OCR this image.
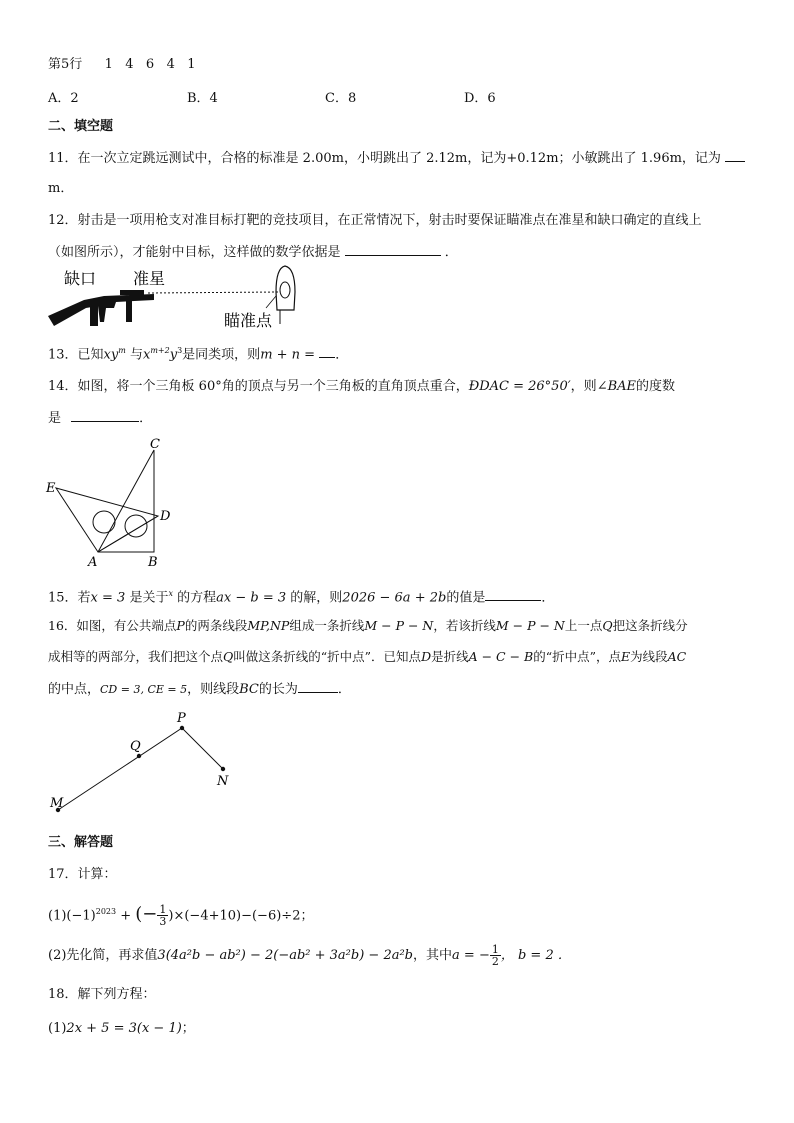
第5行 1   4   6   4   1
A．2	B．4	C．8	D．6
二、填空题
11．在一次立定跳远测试中，合格的标准是 2.00m，小明跳出了 2.12m，记为+0.12m；小敏跳出了 1.96m，记为
m．
12．射击是一项用枪支对准目标打靶的竞技项目，在正常情况下，射击时要保证瞄准点在准星和缺口确定的直线上
（如图所示），才能射中目标，这样做的数学依据是	．
缺口 准星
瞄准点
13．已知$xy^m$ 与$x^{m+2}y^3$是同类项，则m + n = ．
14．如图，将一个三角板 60°角的顶点与另一个三角板的直角顶点重合，ÐDAC = 26°50′，则∠BAE的度数
是	．
C
E
D
A	B
15．若x = 3 是关于$^x$ 的方程ax − b = 3 的解，则2026 − 6a + 2b的值是	．
16．如图，有公共端点P的两条线段MP,NP组成一条折线M − P − N，若该折线M − P − N上一点Q把这条折线分
成相等的两部分，我们把这个点Q叫做这条折线的“折中点”．已知点D是折线A − C − B的“折中点”，点E为线段AC
的中点，CD = 3, CE = 5，则线段BC的长为	．
P
Q
N
M
三、解答题
17．计算：
$(1)(-1)^{2023}$ + (− $\frac{1}{3} )\times(-4+10)-(-6)\div 2$；
(2)先化简，再求值3(4a²b − ab²) − 2(−ab² + 3a²b) − 2a²b，其中a = − $\frac{1}{2}$ ， b = 2 ．
18．解下列方程：
(1)2x + 5 = 3(x − 1)；
